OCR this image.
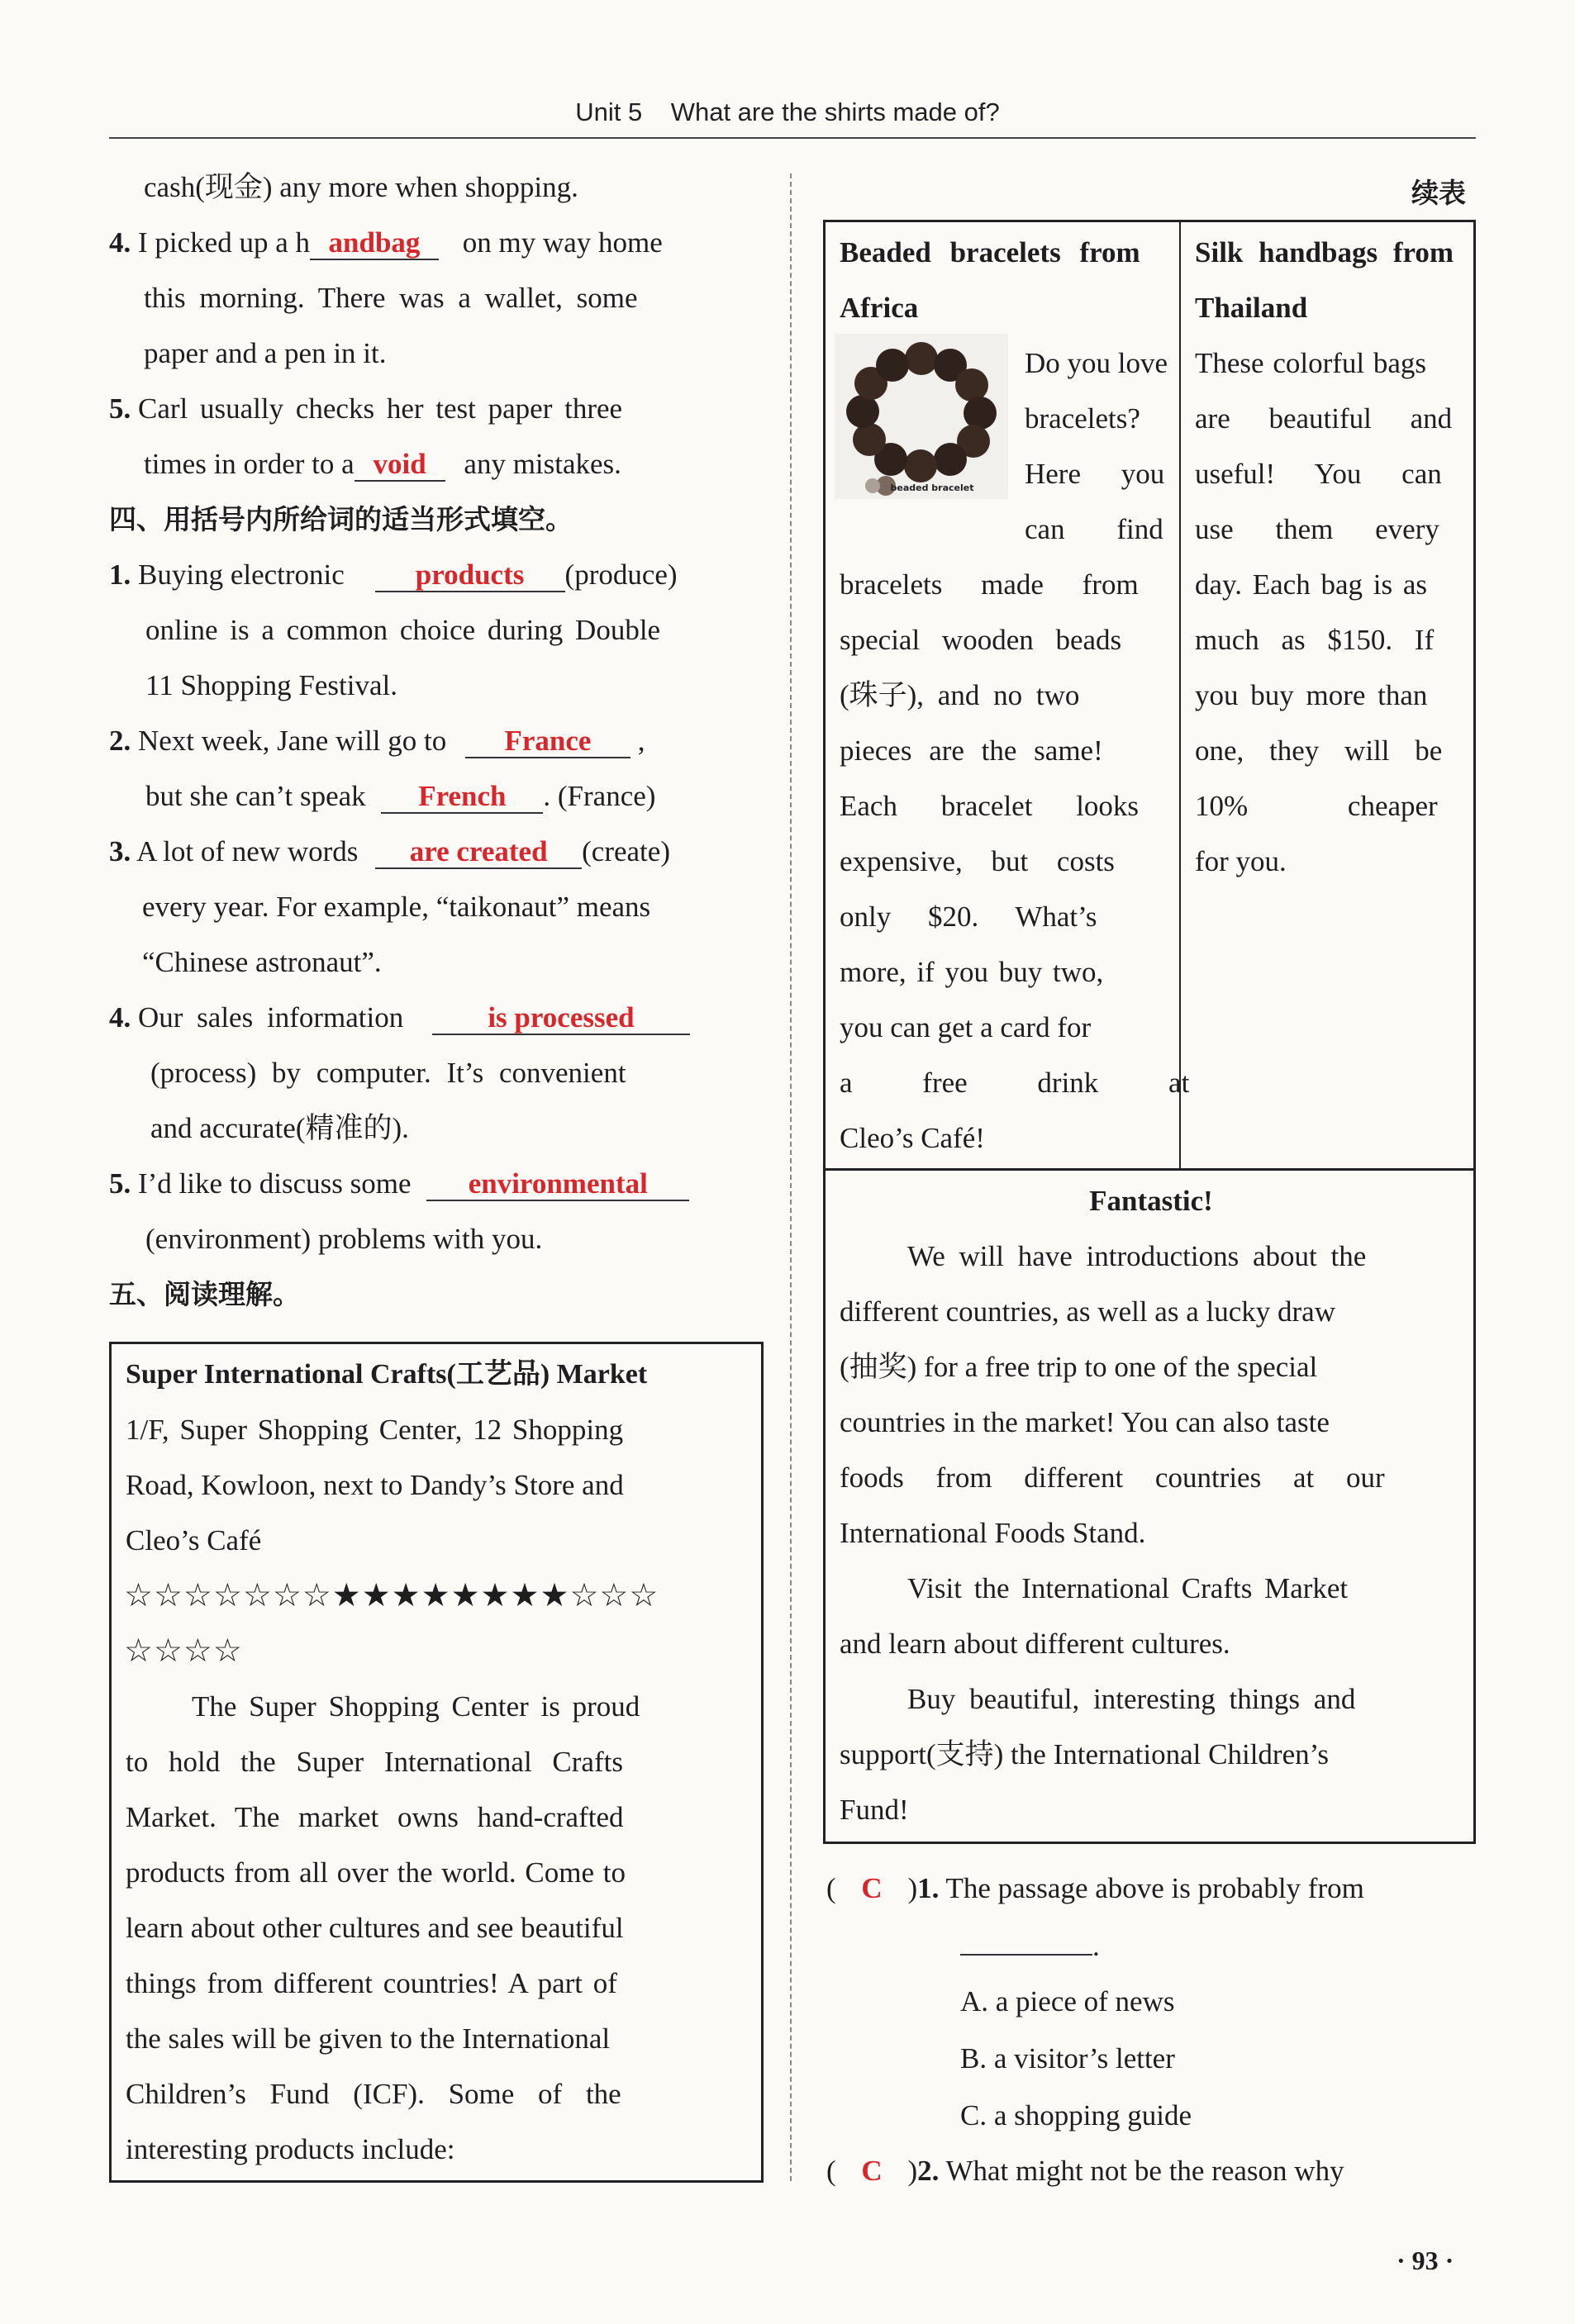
Unit 5    What are the shirts made of?
cash(现金) any more when shopping.
4. I picked up a h andbag on my way home
this morning. There was a wallet, some
paper and a pen in it.
5. Carl usually checks her test paper three
times in order to a void any mistakes.
四、用括号内所给词的适当形式填空。
1. Buying electronic products (produce)
online is a common choice during Double
11 Shopping Festival.
2. Next week, Jane will go to France ,
but she can’t speak French . (France)
3. A lot of new words are created (create)
every year. For example, “taikonaut” means
“Chinese astronaut”.
4. Our sales information	is processed
(process) by computer. It’s convenient
and accurate(精准的).
5. I’d like to discuss some environmental
(environment) problems with you.
五、阅读理解。
Super International Crafts(工艺品) Market
1/F, Super Shopping Center, 12 Shopping
Road, Kowloon, next to Dandy’s Store and
Cleo’s Café
☆☆☆☆☆☆☆★★★★★★★★☆☆☆
☆☆☆☆
The Super Shopping Center is proud
to hold the Super International Crafts
Market. The market owns hand-crafted
products from all over the world. Come to
learn about other cultures and see beautiful
things from different countries! A part of
the sales will be given to the International
Children’s Fund (ICF). Some of the
interesting products include:
续表
Beaded bracelets from
Africa
beaded bracelet
Do you love
bracelets?
Here you
can find
bracelets made from
special wooden beads
(珠子), and no two
pieces are the same!
Each bracelet looks
expensive, but costs
only $20. What’s
more, if you buy two,
you can get a card for
a free drink at
Cleo’s Café!
Silk handbags from
Thailand
These colorful bags
are beautiful and
useful! You can
use them every
day. Each bag is as
much as $150. If
you buy more than
one, they will be
10% cheaper
for you.
Fantastic!
We will have introductions about the
different countries, as well as a lucky draw
(抽奖) for a free trip to one of the special
countries in the market! You can also taste
foods from different countries at our
International Foods Stand.
Visit the International Crafts Market
and learn about different cultures.
Buy beautiful, interesting things and
support(支持) the International Children’s
Fund!
( C )1. The passage above is probably from
.
A. a piece of news
B. a visitor’s letter
C. a shopping guide
( C )2. What might not be the reason why
· 93 ·
